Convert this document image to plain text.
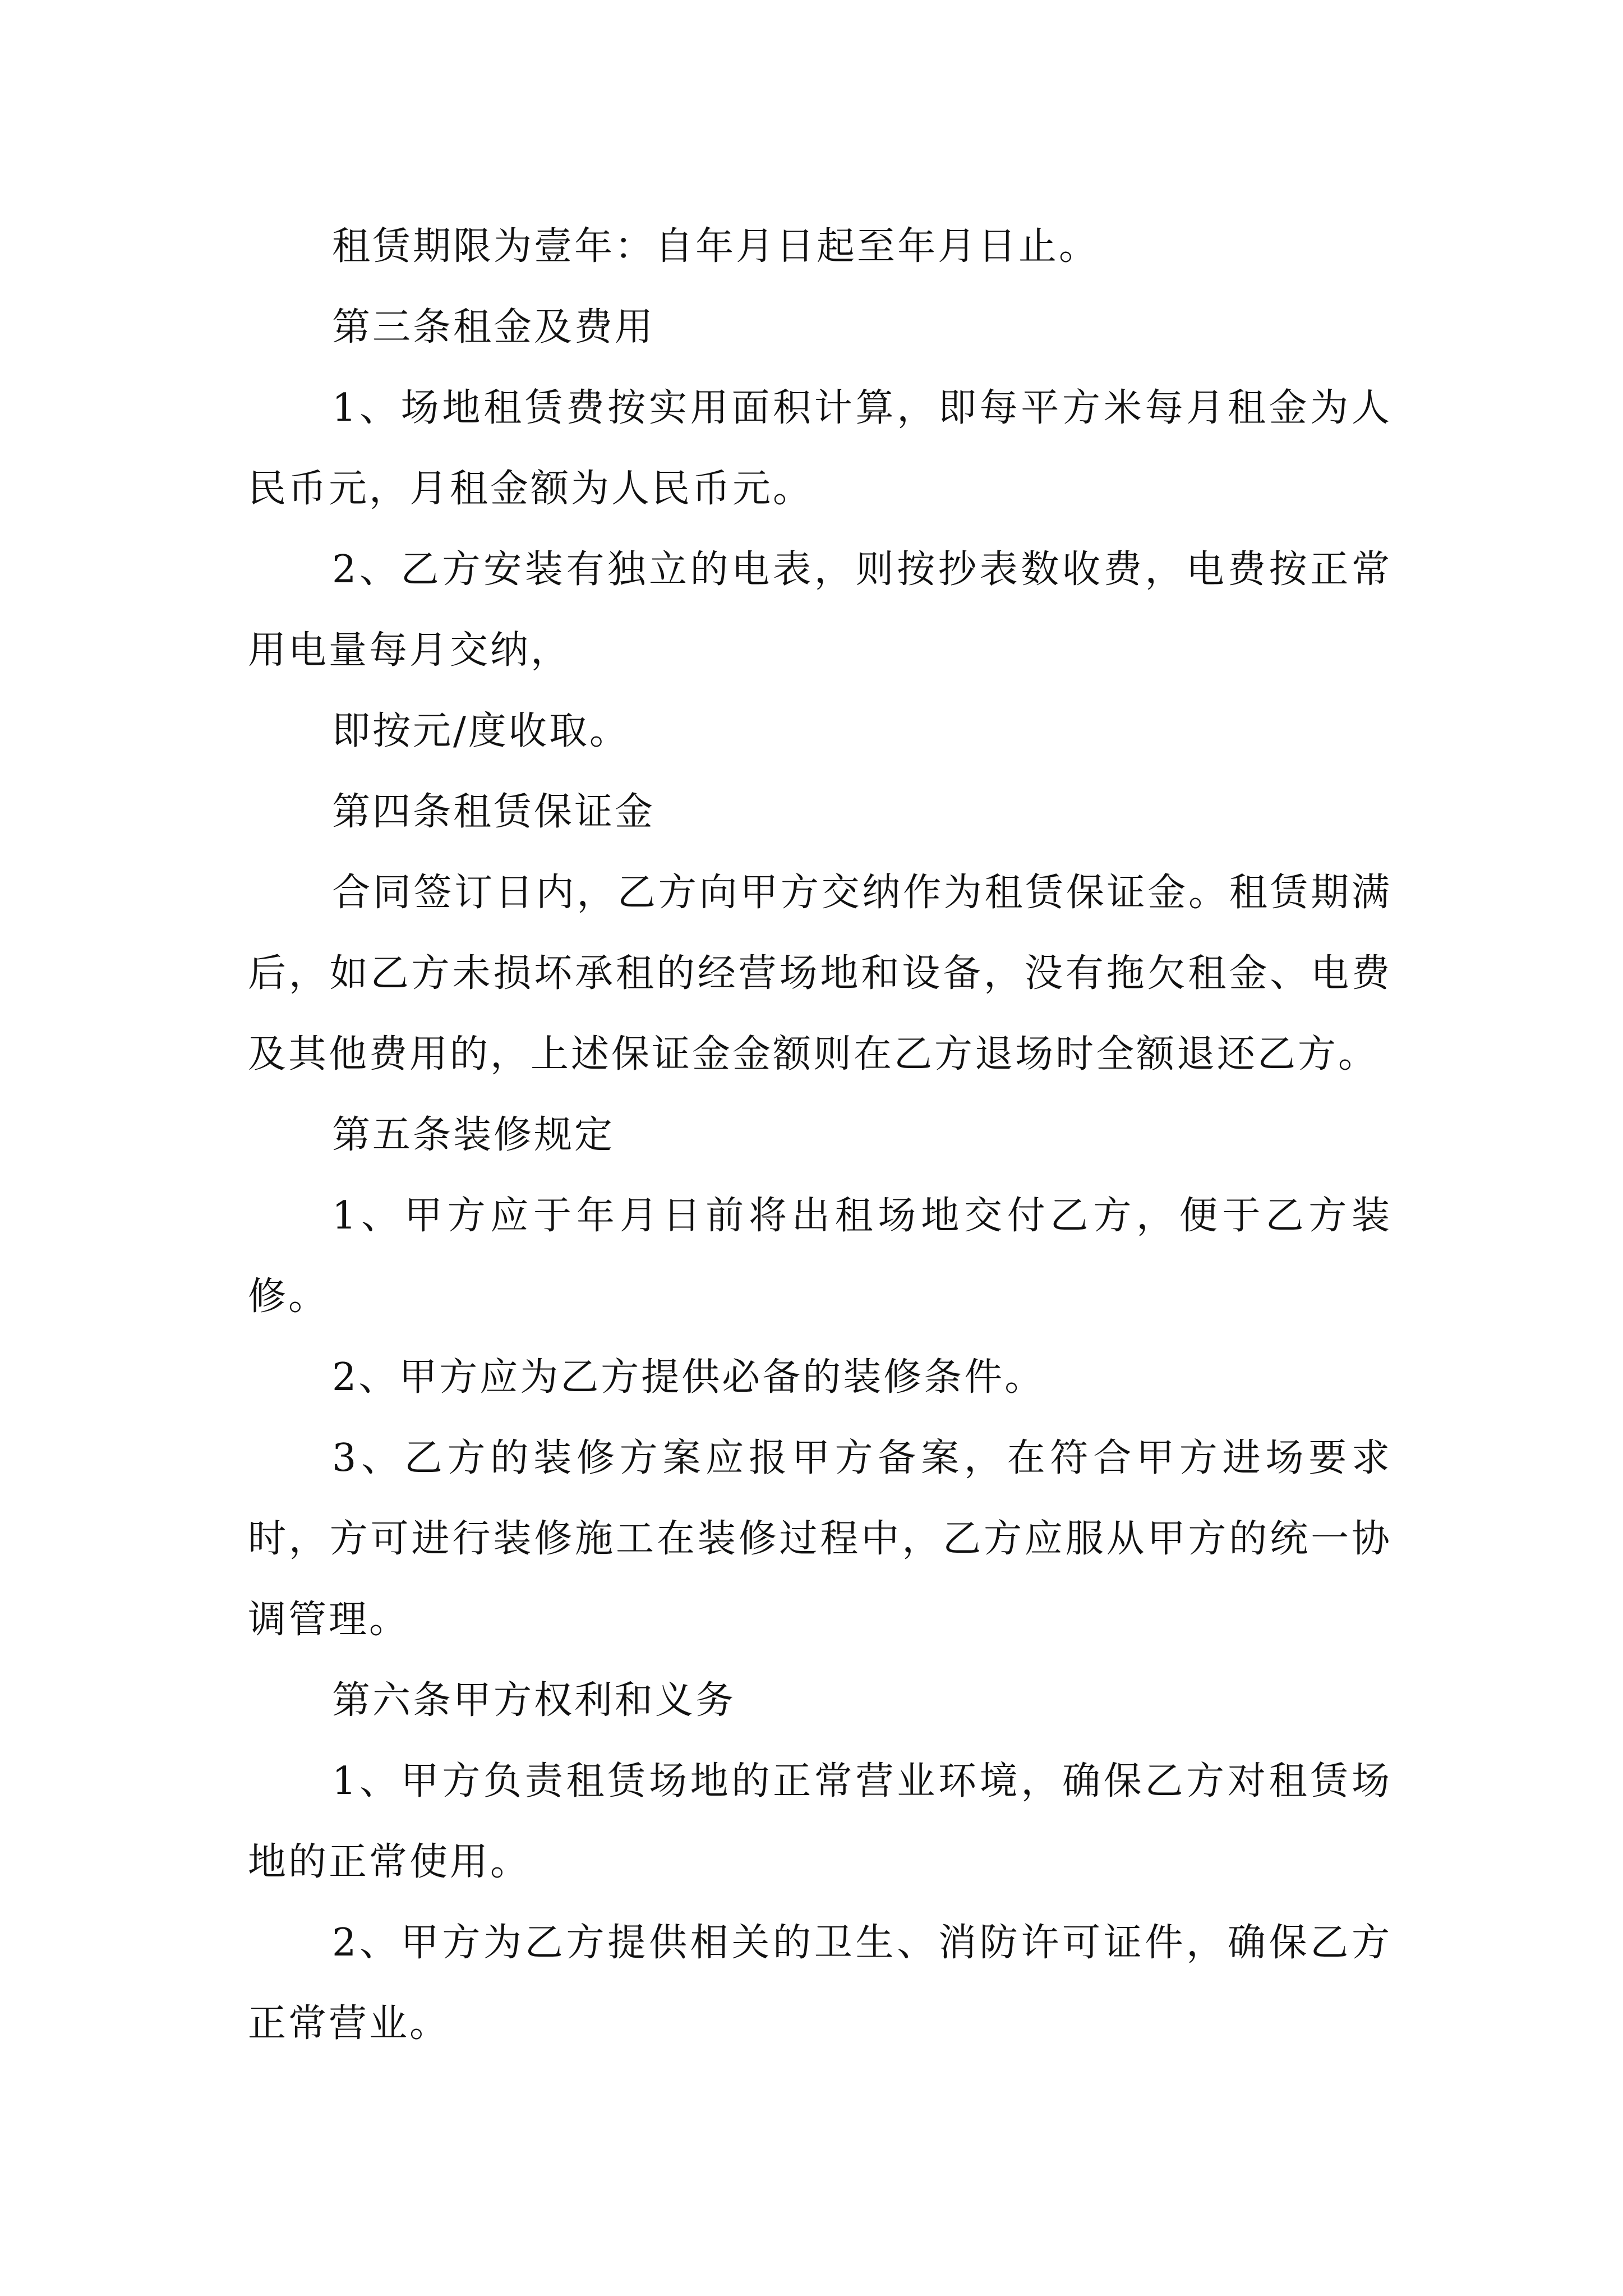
租赁期限为壹年：自年月日起至年月日止。

第三条租金及费用

1、场地租赁费按实用面积计算，即每平方米每月租金为人民币元，月租金额为人民币元。

2、乙方安装有独立的电表，则按抄表数收费，电费按正常用电量每月交纳，

即按元/度收取。

第四条租赁保证金

合同签订日内，乙方向甲方交纳作为租赁保证金。租赁期满后，如乙方未损坏承租的经营场地和设备，没有拖欠租金、电费及其他费用的，上述保证金金额则在乙方退场时全额退还乙方。

第五条装修规定

1、甲方应于年月日前将出租场地交付乙方，便于乙方装修。

2、甲方应为乙方提供必备的装修条件。

3、乙方的装修方案应报甲方备案，在符合甲方进场要求时，方可进行装修施工在装修过程中，乙方应服从甲方的统一协调管理。

第六条甲方权利和义务

1、甲方负责租赁场地的正常营业环境，确保乙方对租赁场地的正常使用。

2、甲方为乙方提供相关的卫生、消防许可证件，确保乙方正常营业。
